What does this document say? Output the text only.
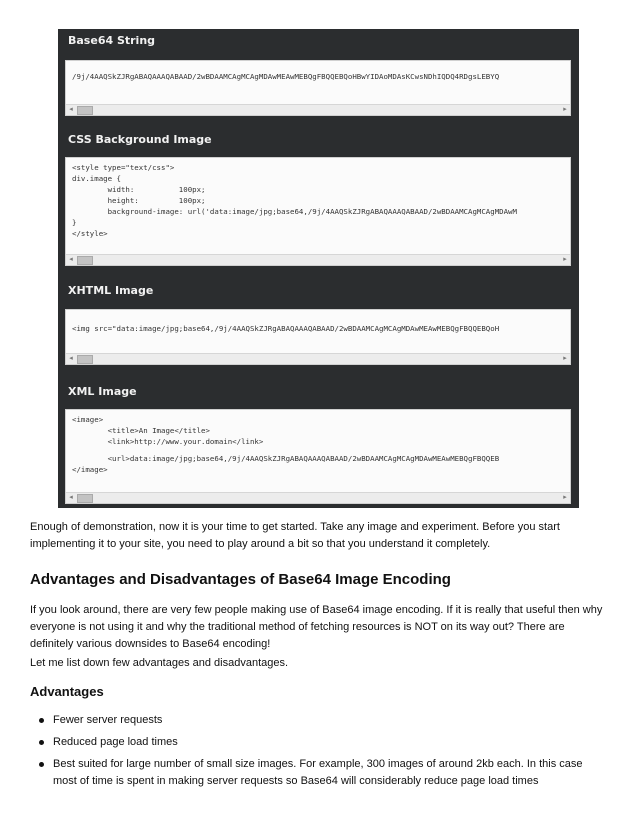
Base64 String
/9j/4AAQSkZJRgABAQAAAQABAAD/2wBDAAMCAgMCAgMDAwMEAwMEBQgFBQQEBQoHBwYIDAoMDAsKCwsNDhIQDQ4RDgsLEBYQ
◂	▸
CSS Background Image
<style type="text/css">
div.image {
width:          100px;
height:         100px;
background-image: url('data:image/jpg;base64,/9j/4AAQSkZJRgABAQAAAQABAAD/2wBDAAMCAgMCAgMDAwM
}
</style>
◂	▸
XHTML Image
<img src="data:image/jpg;base64,/9j/4AAQSkZJRgABAQAAAQABAAD/2wBDAAMCAgMCAgMDAwMEAwMEBQgFBQQEBQoH
◂	▸
XML Image
<image>
<title>An Image</title>
<link>http://www.your.domain</link>
<url>data:image/jpg;base64,/9j/4AAQSkZJRgABAQAAAQABAAD/2wBDAAMCAgMCAgMDAwMEAwMEBQgFBQQEB
</image>
◂	▸

Enough of demonstration, now it is your time to get started. Take any image and experiment. Before you start implementing it to your site, you need to play around a bit so that you understand it completely.

Advantages and Disadvantages of Base64 Image Encoding

If you look around, there are very few people making use of Base64 image encoding. If it is really that useful then why everyone is not using it and why the traditional method of fetching resources is NOT on its way out? There are definitely various downsides to Base64 encoding!

Let me list down few advantages and disadvantages.

Advantages
Fewer server requests
Reduced page load times
Best suited for large number of small size images. For example, 300 images of around 2kb each. In this case most of time is spent in making server requests so Base64 will considerably reduce page load times
